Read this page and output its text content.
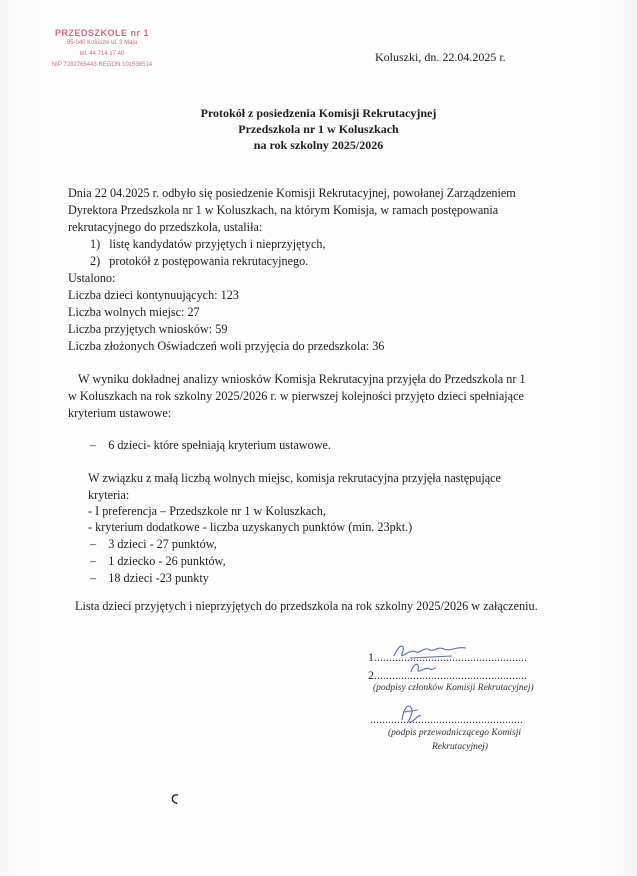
PRZEDSZKOLE nr 1
95-040 Koluszki ul. 3 Maja
tel. 44 714 17 40
NIP 7282765443 REGON 101536514
Koluszki, dn. 22.04.2025 r.
Protokół z posiedzenia Komisji Rekrutacyjnej
Przedszkola nr 1 w Koluszkach
na rok szkolny 2025/2026
Dnia 22 04.2025 r. odbyło się posiedzenie Komisji Rekrutacyjnej, powołanej Zarządzeniem
Dyrektora Przedszkola nr 1 w Koluszkach, na którym Komisja, w ramach postępowania
rekrutacyjnego do przedszkola, ustaliła:
1) listę kandydatów przyjętych i nieprzyjętych,
2) protokół z postępowania rekrutacyjnego.
Ustalono:
Liczba dzieci kontynuujących: 123
Liczba wolnych miejsc: 27
Liczba przyjętych wniosków: 59
Liczba złożonych Oświadczeń woli przyjęcia do przedszkola: 36
W wyniku dokładnej analizy wniosków Komisja Rekrutacyjna przyjęła do Przedszkola nr 1
w Koluszkach na rok szkolny 2025/2026 r. w pierwszej kolejności przyjęto dzieci spełniające
kryterium ustawowe:
– 6 dzieci- które spełniają kryterium ustawowe.
W związku z małą liczbą wolnych miejsc, komisja rekrutacyjna przyjęła następujące
kryteria:
- I preferencja – Przedszkole nr 1 w Koluszkach,
- kryterium dodatkowe - liczba uzyskanych punktów (min. 23pkt.)
– 3 dzieci - 27 punktów,
– 1 dziecko - 26 punktów,
– 18 dzieci -23 punkty
Lista dzieci przyjętych i nieprzyjętych do przedszkola na rok szkolny 2025/2026 w załączeniu.
1...................................................
2...................................................
(podpisy członków Komisji Rekrutacyjnej)
...................................................
(podpis przewodniczącego Komisji
Rekrutacyjnej)
